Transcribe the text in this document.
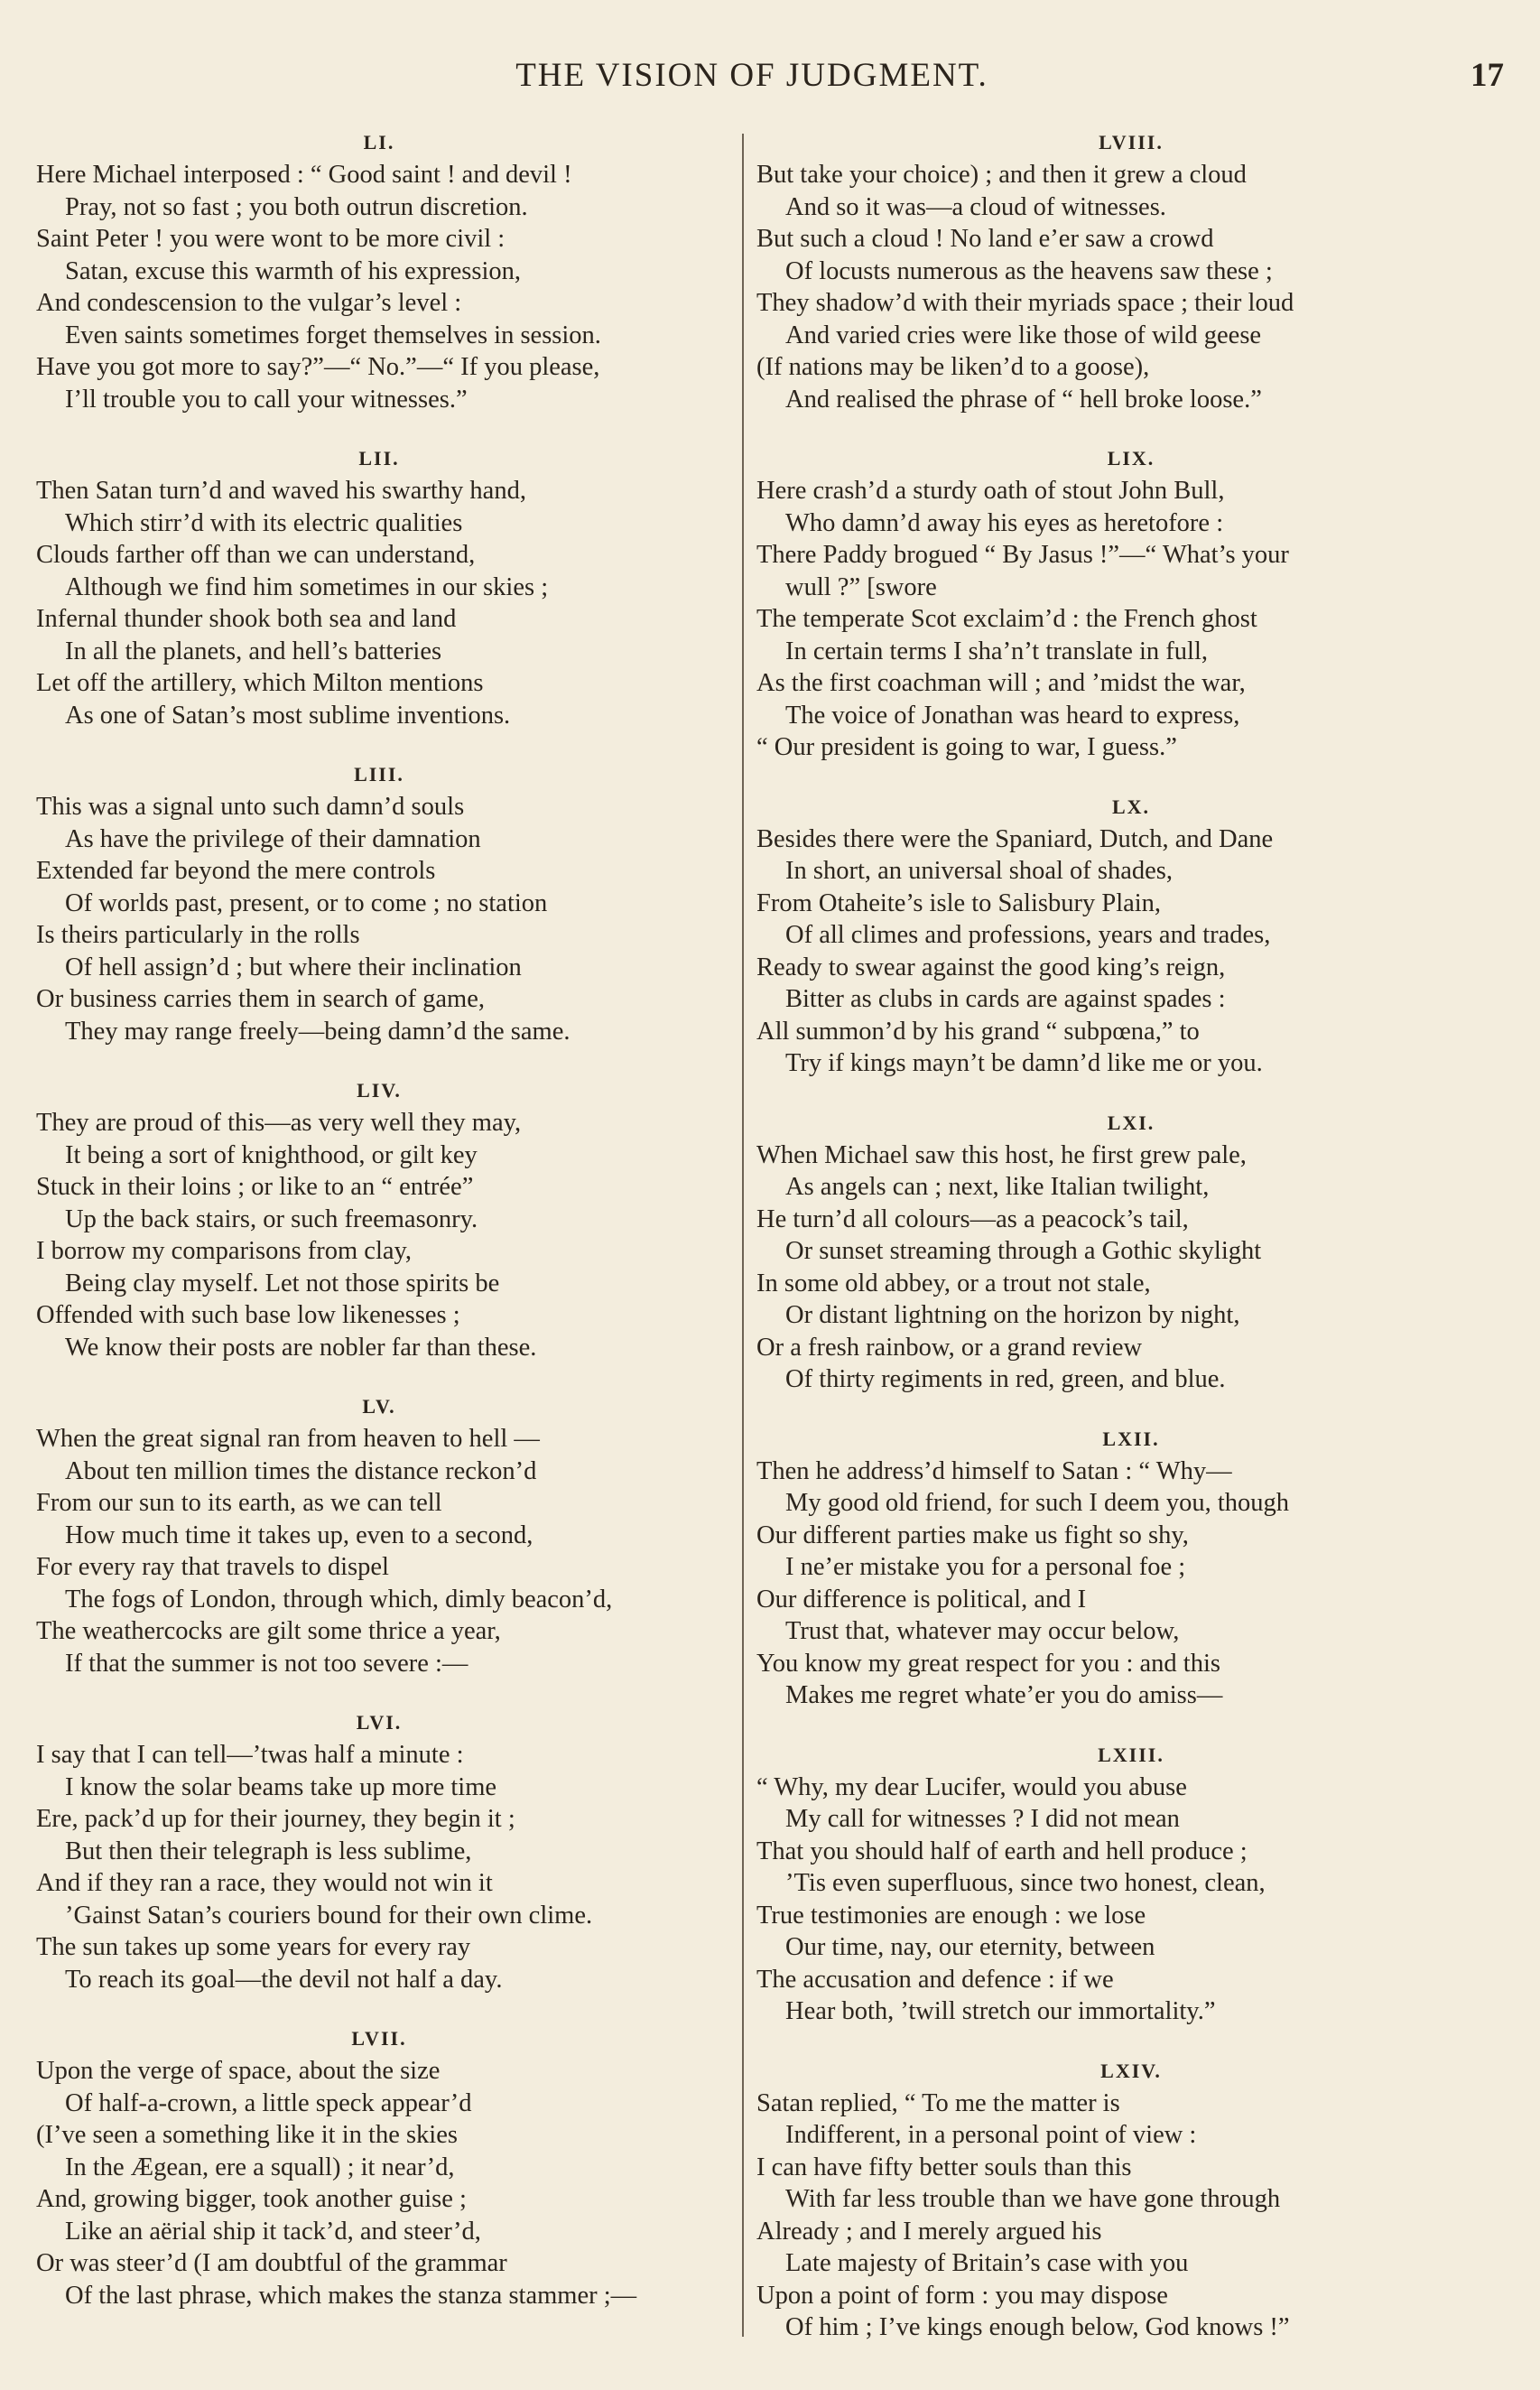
THE VISION OF JUDGMENT.	17
LI.
Here Michael interposed : “ Good saint ! and devil !
Pray, not so fast ; you both outrun discretion.
Saint Peter ! you were wont to be more civil :
Satan, excuse this warmth of his expression,
And condescension to the vulgar’s level :
Even saints sometimes forget themselves in session.
Have you got more to say?”—“ No.”—“ If you please,
I’ll trouble you to call your witnesses.”
LII.
Then Satan turn’d and waved his swarthy hand,
Which stirr’d with its electric qualities
Clouds farther off than we can understand,
Although we find him sometimes in our skies ;
Infernal thunder shook both sea and land
In all the planets, and hell’s batteries
Let off the artillery, which Milton mentions
As one of Satan’s most sublime inventions.
LIII.
This was a signal unto such damn’d souls
As have the privilege of their damnation
Extended far beyond the mere controls
Of worlds past, present, or to come ; no station
Is theirs particularly in the rolls
Of hell assign’d ; but where their inclination
Or business carries them in search of game,
They may range freely—being damn’d the same.
LIV.
They are proud of this—as very well they may,
It being a sort of knighthood, or gilt key
Stuck in their loins ; or like to an “ entrée”
Up the back stairs, or such freemasonry.
I borrow my comparisons from clay,
Being clay myself. Let not those spirits be
Offended with such base low likenesses ;
We know their posts are nobler far than these.
LV.
When the great signal ran from heaven to hell —
About ten million times the distance reckon’d
From our sun to its earth, as we can tell
How much time it takes up, even to a second,
For every ray that travels to dispel
The fogs of London, through which, dimly beacon’d,
The weathercocks are gilt some thrice a year,
If that the summer is not too severe :—
LVI.
I say that I can tell—’twas half a minute :
I know the solar beams take up more time
Ere, pack’d up for their journey, they begin it ;
But then their telegraph is less sublime,
And if they ran a race, they would not win it
’Gainst Satan’s couriers bound for their own clime.
The sun takes up some years for every ray
To reach its goal—the devil not half a day.
LVII.
Upon the verge of space, about the size
Of half-a-crown, a little speck appear’d
(I’ve seen a something like it in the skies
In the Ægean, ere a squall) ; it near’d,
And, growing bigger, took another guise ;
Like an aërial ship it tack’d, and steer’d,
Or was steer’d (I am doubtful of the grammar
Of the last phrase, which makes the stanza stammer ;—
LVIII.
But take your choice) ; and then it grew a cloud
And so it was—a cloud of witnesses.
But such a cloud ! No land e’er saw a crowd
Of locusts numerous as the heavens saw these ;
They shadow’d with their myriads space ; their loud
And varied cries were like those of wild geese
(If nations may be liken’d to a goose),
And realised the phrase of “ hell broke loose.”
LIX.
Here crash’d a sturdy oath of stout John Bull,
Who damn’d away his eyes as heretofore :
There Paddy brogued “ By Jasus !”—“ What’s your
wull ?” [swore
The temperate Scot exclaim’d : the French ghost
In certain terms I sha’n’t translate in full,
As the first coachman will ; and ’midst the war,
The voice of Jonathan was heard to express,
“ Our president is going to war, I guess.”
LX.
Besides there were the Spaniard, Dutch, and Dane
In short, an universal shoal of shades,
From Otaheite’s isle to Salisbury Plain,
Of all climes and professions, years and trades,
Ready to swear against the good king’s reign,
Bitter as clubs in cards are against spades :
All summon’d by his grand “ subpœna,” to
Try if kings mayn’t be damn’d like me or you.
LXI.
When Michael saw this host, he first grew pale,
As angels can ; next, like Italian twilight,
He turn’d all colours—as a peacock’s tail,
Or sunset streaming through a Gothic skylight
In some old abbey, or a trout not stale,
Or distant lightning on the horizon by night,
Or a fresh rainbow, or a grand review
Of thirty regiments in red, green, and blue.
LXII.
Then he address’d himself to Satan : “ Why—
My good old friend, for such I deem you, though
Our different parties make us fight so shy,
I ne’er mistake you for a personal foe ;
Our difference is political, and I
Trust that, whatever may occur below,
You know my great respect for you : and this
Makes me regret whate’er you do amiss—
LXIII.
“ Why, my dear Lucifer, would you abuse
My call for witnesses ? I did not mean
That you should half of earth and hell produce ;
’Tis even superfluous, since two honest, clean,
True testimonies are enough : we lose
Our time, nay, our eternity, between
The accusation and defence : if we
Hear both, ’twill stretch our immortality.”
LXIV.
Satan replied, “ To me the matter is
Indifferent, in a personal point of view :
I can have fifty better souls than this
With far less trouble than we have gone through
Already ; and I merely argued his
Late majesty of Britain’s case with you
Upon a point of form : you may dispose
Of him ; I’ve kings enough below, God knows !”
